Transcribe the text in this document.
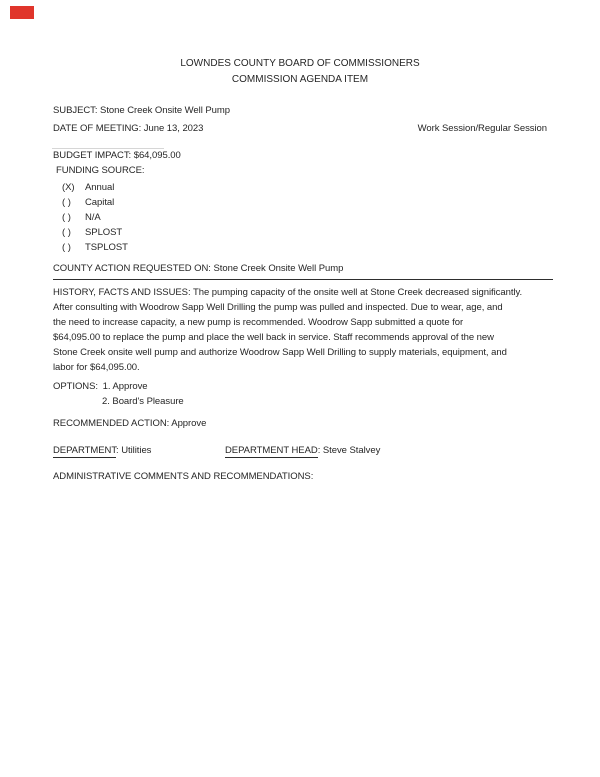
LOWNDES COUNTY BOARD OF COMMISSIONERS
COMMISSION AGENDA ITEM
SUBJECT: Stone Creek Onsite Well Pump
DATE OF MEETING: June 13, 2023	Work Session/Regular Session
BUDGET IMPACT: $64,095.00
FUNDING SOURCE:
(X)	Annual
( )	Capital
( )	N/A
( )	SPLOST
( )	TSPLOST
COUNTY ACTION REQUESTED ON: Stone Creek Onsite Well Pump
HISTORY, FACTS AND ISSUES: The pumping capacity of the onsite well at Stone Creek decreased significantly.
After consulting with Woodrow Sapp Well Drilling the pump was pulled and inspected. Due to wear, age, and
the need to increase capacity, a new pump is recommended. Woodrow Sapp submitted a quote for
$64,095.00 to replace the pump and place the well back in service. Staff recommends approval of the new
Stone Creek onsite well pump and authorize Woodrow Sapp Well Drilling to supply materials, equipment, and
labor for $64,095.00.
OPTIONS: 1. Approve
2. Board's Pleasure
RECOMMENDED ACTION: Approve
DEPARTMENT: Utilities	DEPARTMENT HEAD: Steve Stalvey
ADMINISTRATIVE COMMENTS AND RECOMMENDATIONS:
